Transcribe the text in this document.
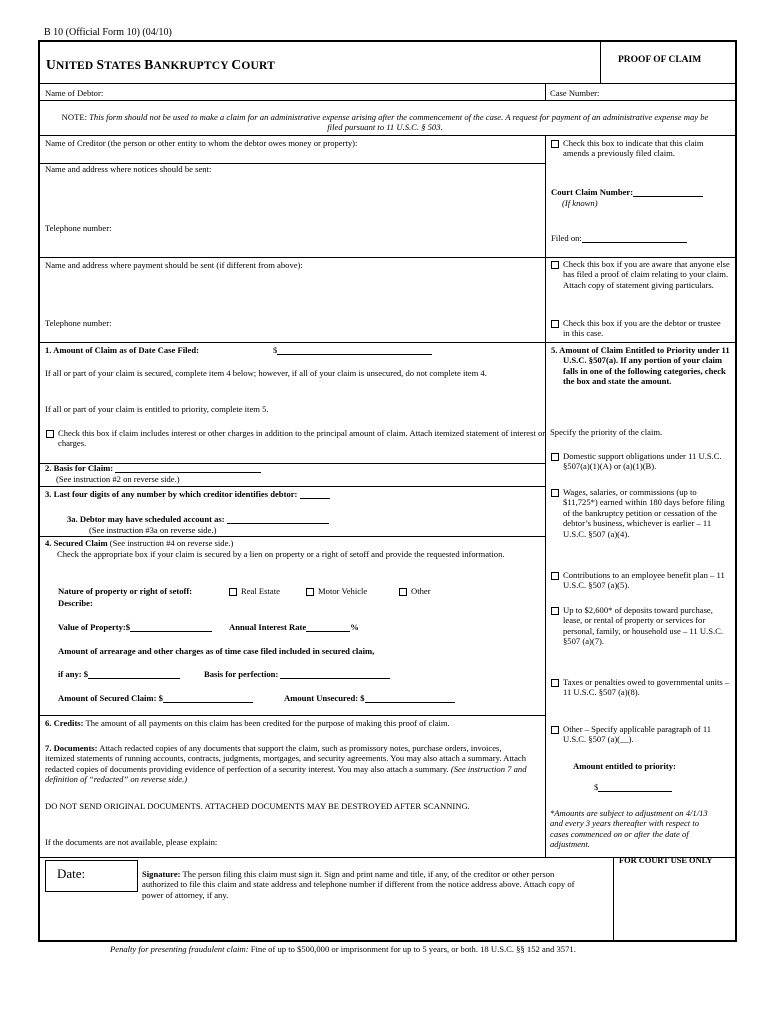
B 10 (Official Form 10) (04/10)
UNITED STATES BANKRUPTCY COURT	PROOF OF CLAIM
Name of Debtor:	Case Number:
NOTE: This form should not be used to make a claim for an administrative expense arising after the commencement of the case. A request for payment of an administrative expense may be filed pursuant to 11 U.S.C. § 503.
Name of Creditor (the person or other entity to whom the debtor owes money or property):
Name and address where notices should be sent:
Telephone number:
Name and address where payment should be sent (if different from above):
Telephone number:
Check this box to indicate that this claim amends a previously filed claim.
Court Claim Number:
(If known)
Filed on:
Check this box if you are aware that anyone else has filed a proof of claim relating to your claim. Attach copy of statement giving particulars.
Check this box if you are the debtor or trustee in this case.
5. Amount of Claim Entitled to Priority under 11 U.S.C. §507(a). If any portion of your claim falls in one of the following categories, check the box and state the amount.
Specify the priority of the claim.
Domestic support obligations under 11 U.S.C. §507(a)(1)(A) or (a)(1)(B).
Wages, salaries, or commissions (up to $11,725*) earned within 180 days before filing of the bankruptcy petition or cessation of the debtor’s business, whichever is earlier – 11 U.S.C. §507 (a)(4).
Contributions to an employee benefit plan – 11 U.S.C. §507 (a)(5).
Up to $2,600* of deposits toward purchase, lease, or rental of property or services for personal, family, or household use – 11 U.S.C. §507 (a)(7).
Taxes or penalties owed to governmental units – 11 U.S.C. §507 (a)(8).
Other – Specify applicable paragraph of 11 U.S.C. §507 (a)(__).
Amount entitled to priority:
$
*Amounts are subject to adjustment on 4/1/13 and every 3 years thereafter with respect to cases commenced on or after the date of adjustment.
FOR COURT USE ONLY
1. Amount of Claim as of Date Case Filed:	$
If all or part of your claim is secured, complete item 4 below; however, if all of your claim is unsecured, do not complete item 4.
If all or part of your claim is entitled to priority, complete item 5.
Check this box if claim includes interest or other charges in addition to the principal amount of claim. Attach itemized statement of interest or charges.
2. Basis for Claim:
(See instruction #2 on reverse side.)
3. Last four digits of any number by which creditor identifies debtor:
3a. Debtor may have scheduled account as:
(See instruction #3a on reverse side.)
4. Secured Claim (See instruction #4 on reverse side.)
Check the appropriate box if your claim is secured by a lien on property or a right of setoff and provide the requested information.
Nature of property or right of setoff:	Real Estate	Motor Vehicle	Other
Describe:
Value of Property:$	Annual Interest Rate	%
Amount of arrearage and other charges as of time case filed included in secured claim,
if any: $	Basis for perfection:
Amount of Secured Claim: $	Amount Unsecured: $
6. Credits: The amount of all payments on this claim has been credited for the purpose of making this proof of claim.
7. Documents: Attach redacted copies of any documents that support the claim, such as promissory notes, purchase orders, invoices, itemized statements of running accounts, contracts, judgments, mortgages, and security agreements. You may also attach a summary. Attach redacted copies of documents providing evidence of perfection of a security interest. You may also attach a summary. (See instruction 7 and definition of “redacted” on reverse side.)
DO NOT SEND ORIGINAL DOCUMENTS. ATTACHED DOCUMENTS MAY BE DESTROYED AFTER SCANNING.
If the documents are not available, please explain:
Date:	Signature: The person filing this claim must sign it. Sign and print name and title, if any, of the creditor or other person authorized to file this claim and state address and telephone number if different from the notice address above. Attach copy of power of attorney, if any.
Penalty for presenting fraudulent claim: Fine of up to $500,000 or imprisonment for up to 5 years, or both. 18 U.S.C. §§ 152 and 3571.
